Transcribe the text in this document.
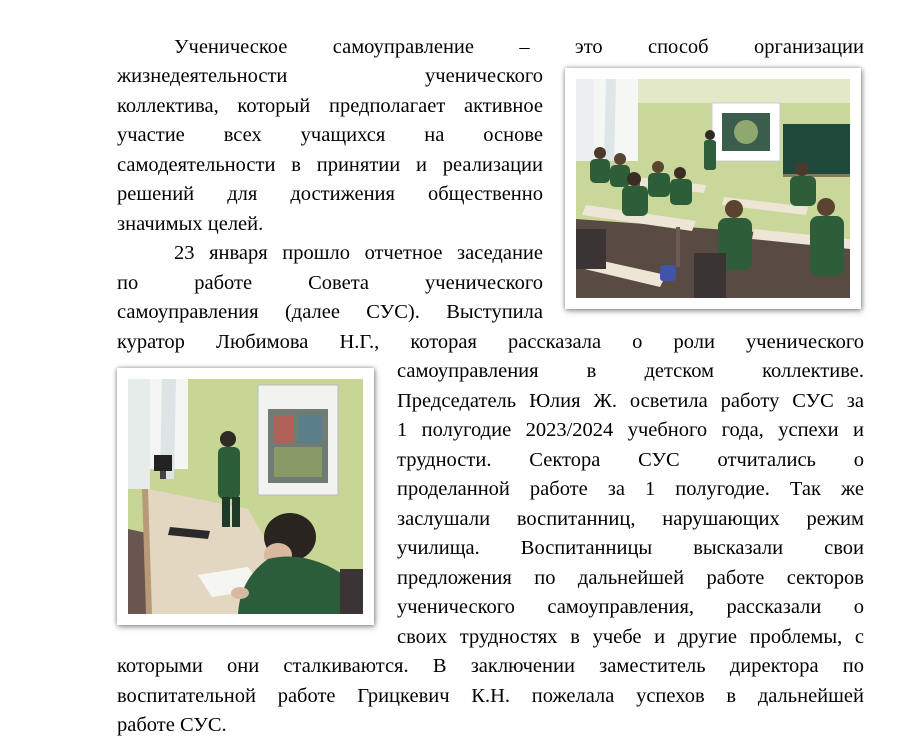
Ученическое самоуправление – это способ организации
жизнедеятельности ученического
коллектива, который предполагает активное
участие всех учащихся на основе
самодеятельности в принятии и реализации
решений для достижения общественно
значимых целей.
23 января прошло отчетное заседание
по работе Совета ученического
самоуправления (далее СУС). Выступила
куратор Любимова Н.Г., которая рассказала о роли ученического
самоуправления в детском коллективе.
Председатель Юлия Ж. осветила работу СУС за
1 полугодие 2023/2024 учебного года, успехи и
трудности. Сектора СУС отчитались о
проделанной работе за 1 полугодие. Так же
заслушали воспитанниц, нарушающих режим
училища. Воспитанницы высказали свои
предложения по дальнейшей работе секторов
ученического самоуправления, рассказали о
своих трудностях в учебе и другие проблемы, с
которыми они сталкиваются. В заключении заместитель директора по
воспитательной работе Грицкевич К.Н. пожелала успехов в дальнейшей
работе СУС.
